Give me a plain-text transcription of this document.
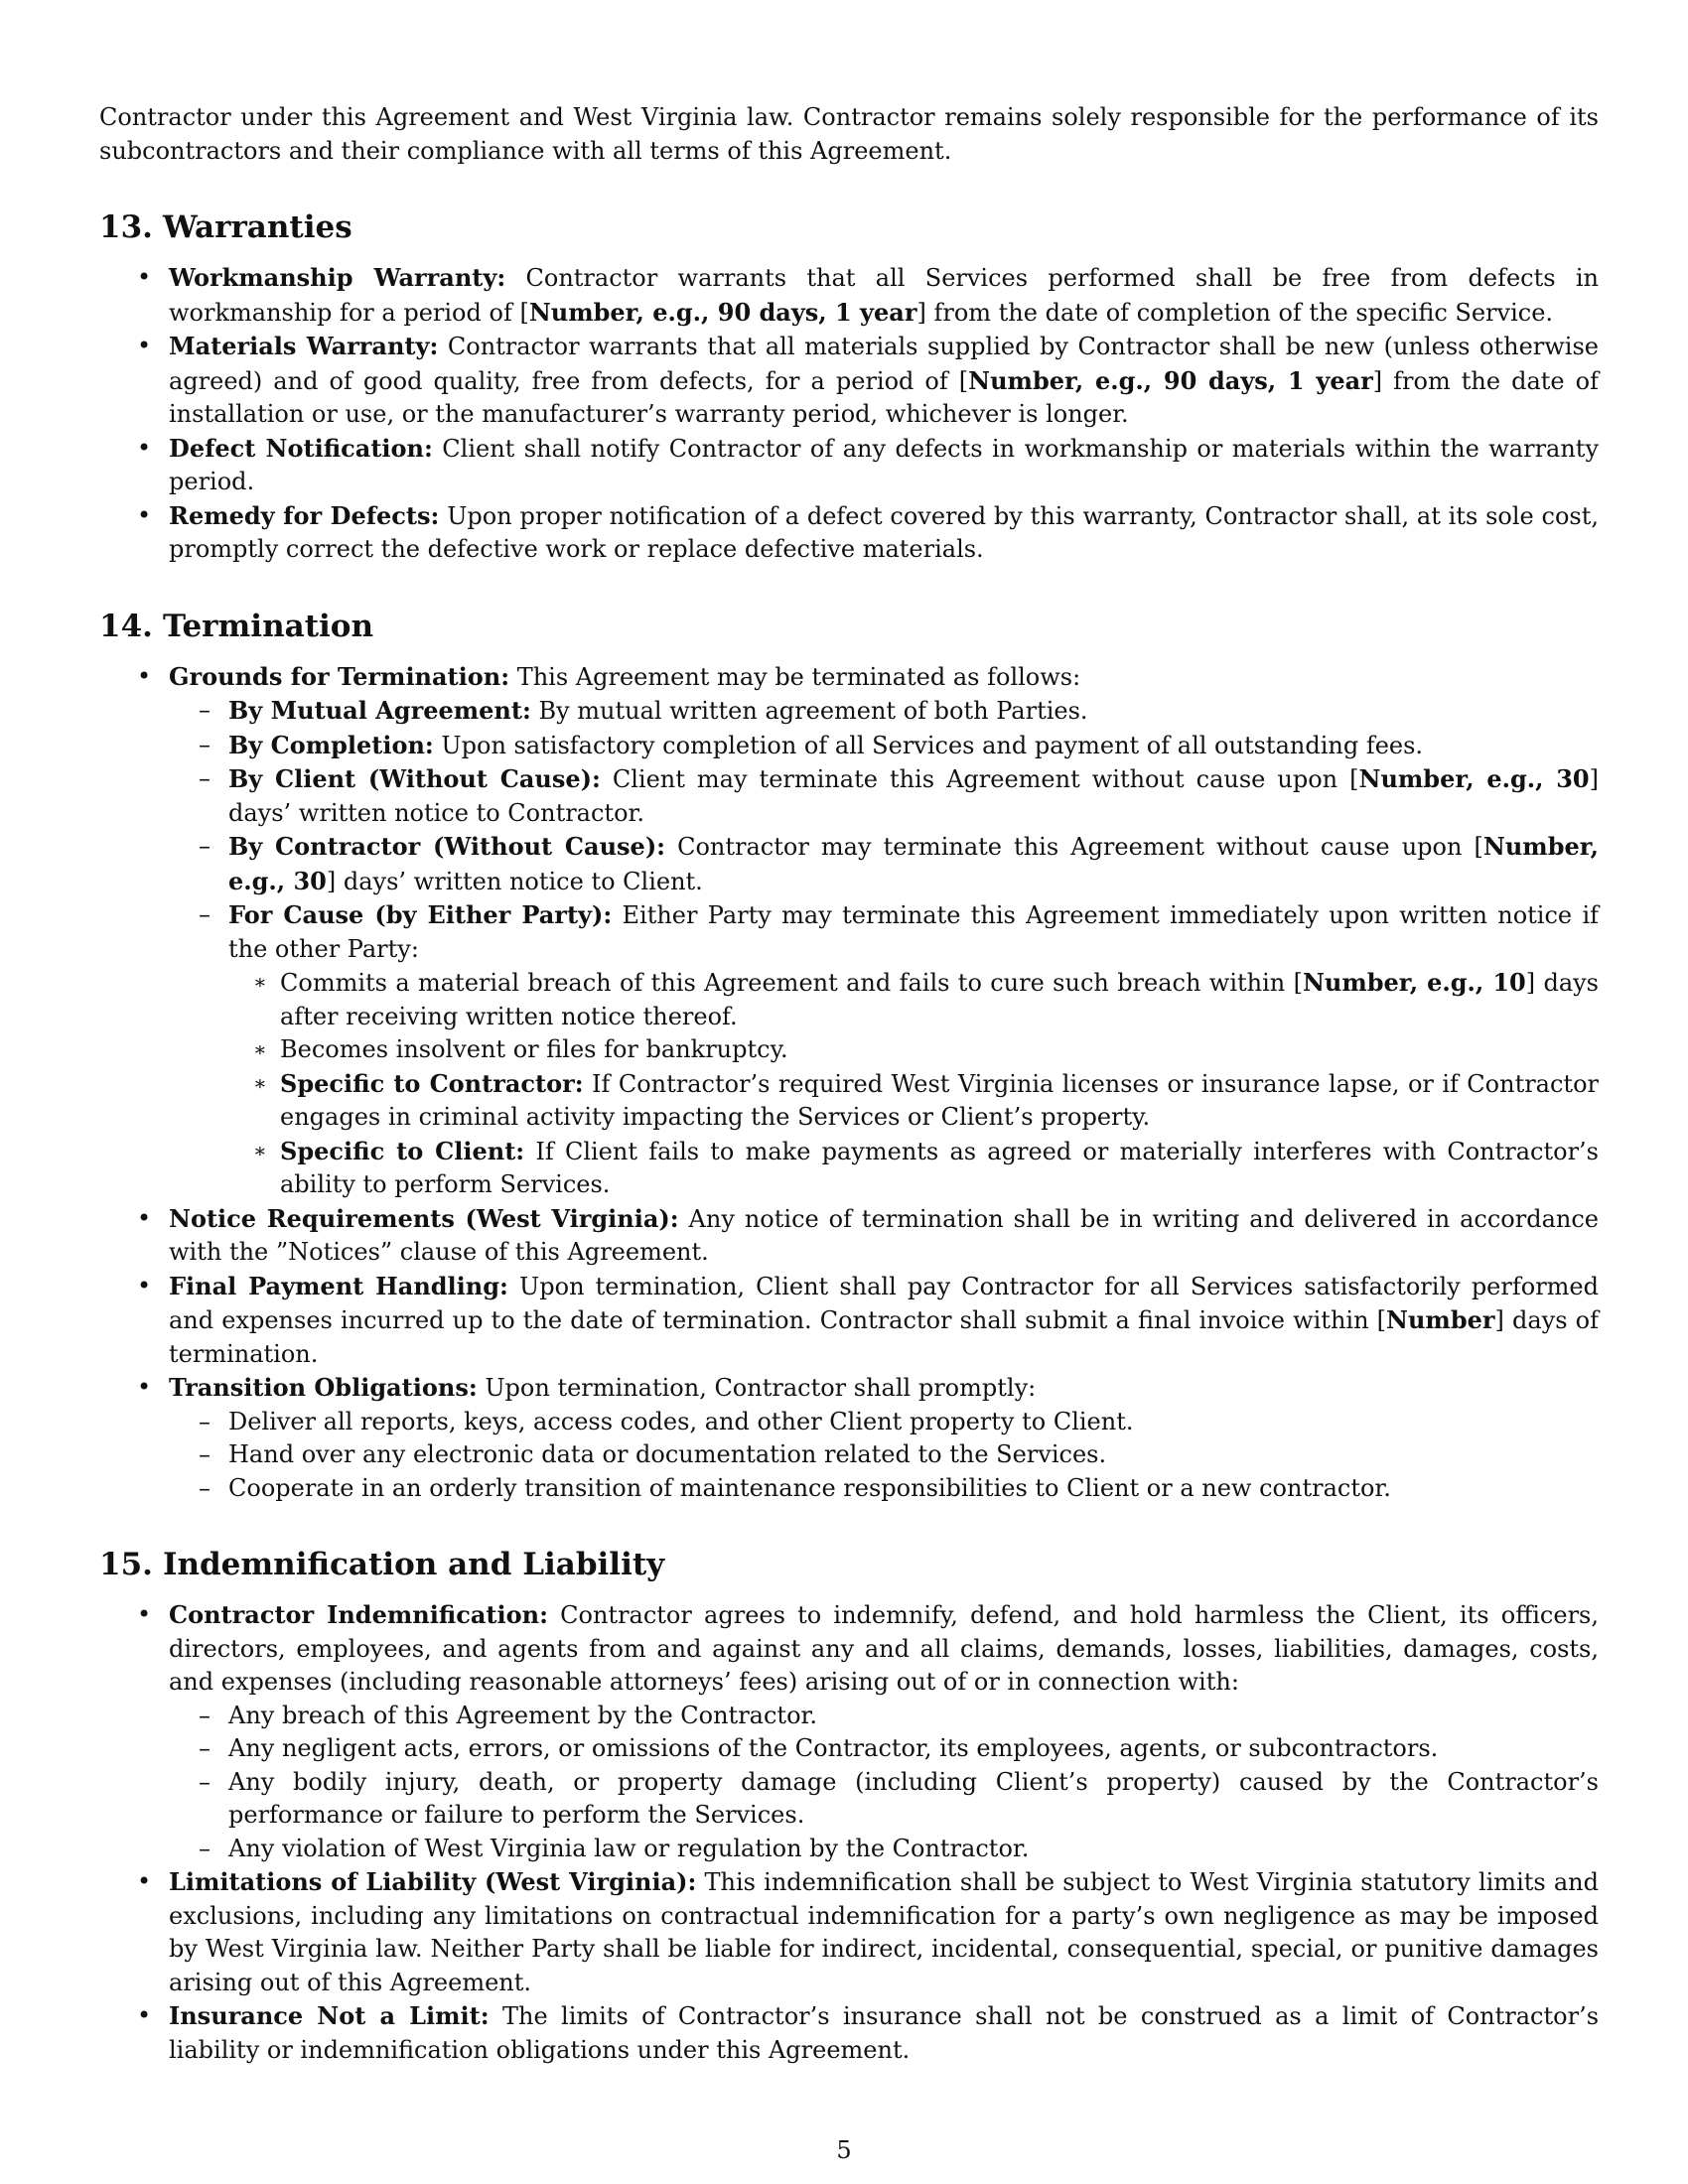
Contractor under this Agreement and West Virginia law. Contractor remains solely responsible for the performance of its subcontractors and their compliance with all terms of this Agreement.

13. Warranties
• Workmanship Warranty: Contractor warrants that all Services performed shall be free from defects in workmanship for a period of [Number, e.g., 90 days, 1 year] from the date of completion of the specific Service.
• Materials Warranty: Contractor warrants that all materials supplied by Contractor shall be new (unless otherwise agreed) and of good quality, free from defects, for a period of [Number, e.g., 90 days, 1 year] from the date of installation or use, or the manufacturer’s warranty period, whichever is longer.
• Defect Notification: Client shall notify Contractor of any defects in workmanship or materials within the warranty period.
• Remedy for Defects: Upon proper notification of a defect covered by this warranty, Contractor shall, at its sole cost, promptly correct the defective work or replace defective materials.
14. Termination
• Grounds for Termination: This Agreement may be terminated as follows:
– By Mutual Agreement: By mutual written agreement of both Parties.
– By Completion: Upon satisfactory completion of all Services and payment of all outstanding fees.
– By Client (Without Cause): Client may terminate this Agreement without cause upon [Number, e.g., 30] days’ written notice to Contractor.
– By Contractor (Without Cause): Contractor may terminate this Agreement without cause upon [Number, e.g., 30] days’ written notice to Client.
– For Cause (by Either Party): Either Party may terminate this Agreement immediately upon written notice if the other Party:
∗ Commits a material breach of this Agreement and fails to cure such breach within [Number, e.g., 10] days after receiving written notice thereof.
∗ Becomes insolvent or files for bankruptcy.
∗ Specific to Contractor: If Contractor’s required West Virginia licenses or insurance lapse, or if Contractor engages in criminal activity impacting the Services or Client’s property.
∗ Specific to Client: If Client fails to make payments as agreed or materially interferes with Contractor’s ability to perform Services.
• Notice Requirements (West Virginia): Any notice of termination shall be in writing and delivered in accordance with the ”Notices” clause of this Agreement.
• Final Payment Handling: Upon termination, Client shall pay Contractor for all Services satisfactorily performed and expenses incurred up to the date of termination. Contractor shall submit a final invoice within [Number] days of termination.
• Transition Obligations: Upon termination, Contractor shall promptly:
– Deliver all reports, keys, access codes, and other Client property to Client.
– Hand over any electronic data or documentation related to the Services.
– Cooperate in an orderly transition of maintenance responsibilities to Client or a new contractor.
15. Indemnification and Liability
• Contractor Indemnification: Contractor agrees to indemnify, defend, and hold harmless the Client, its officers, directors, employees, and agents from and against any and all claims, demands, losses, liabilities, damages, costs, and expenses (including reasonable attorneys’ fees) arising out of or in connection with:
– Any breach of this Agreement by the Contractor.
– Any negligent acts, errors, or omissions of the Contractor, its employees, agents, or subcontractors.
– Any bodily injury, death, or property damage (including Client’s property) caused by the Contractor’s performance or failure to perform the Services.
– Any violation of West Virginia law or regulation by the Contractor.
• Limitations of Liability (West Virginia): This indemnification shall be subject to West Virginia statutory limits and exclusions, including any limitations on contractual indemnification for a party’s own negligence as may be imposed by West Virginia law. Neither Party shall be liable for indirect, incidental, consequential, special, or punitive damages arising out of this Agreement.
• Insurance Not a Limit: The limits of Contractor’s insurance shall not be construed as a limit of Contractor’s liability or indemnification obligations under this Agreement.
5
